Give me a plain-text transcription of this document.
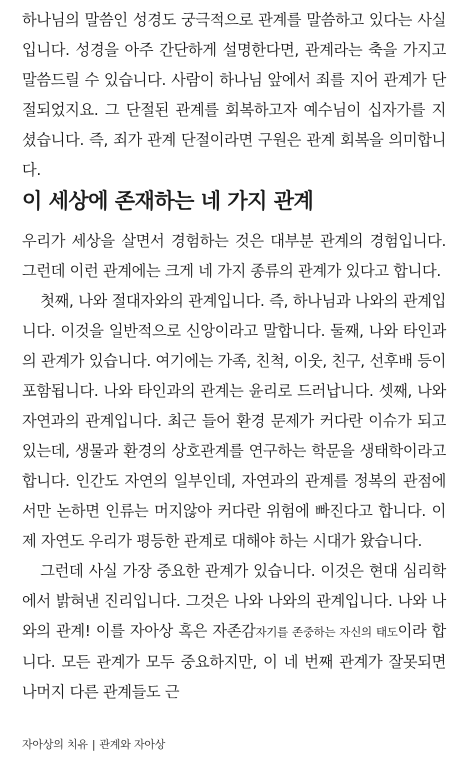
하나님의 말씀인 성경도 궁극적으로 관계를 말씀하고 있다는 사실입니다. 성경을 아주 간단하게 설명한다면, 관계라는 축을 가지고 말씀드릴 수 있습니다. 사람이 하나님 앞에서 죄를 지어 관계가 단절되었지요. 그 단절된 관계를 회복하고자 예수님이 십자가를 지셨습니다. 즉, 죄가 관계 단절이라면 구원은 관계 회복을 의미합니다.

이 세상에 존재하는 네 가지 관계

우리가 세상을 살면서 경험하는 것은 대부분 관계의 경험입니다. 그런데 이런 관계에는 크게 네 가지 종류의 관계가 있다고 합니다.

첫째, 나와 절대자와의 관계입니다. 즉, 하나님과 나와의 관계입니다. 이것을 일반적으로 신앙이라고 말합니다. 둘째, 나와 타인과의 관계가 있습니다. 여기에는 가족, 친척, 이웃, 친구, 선후배 등이 포함됩니다. 나와 타인과의 관계는 윤리로 드러납니다. 셋째, 나와 자연과의 관계입니다. 최근 들어 환경 문제가 커다란 이슈가 되고 있는데, 생물과 환경의 상호관계를 연구하는 학문을 생태학이라고 합니다. 인간도 자연의 일부인데, 자연과의 관계를 정복의 관점에서만 논하면 인류는 머지않아 커다란 위험에 빠진다고 합니다. 이제 자연도 우리가 평등한 관계로 대해야 하는 시대가 왔습니다.

그런데 사실 가장 중요한 관계가 있습니다. 이것은 현대 심리학에서 밝혀낸 진리입니다. 그것은 나와 나와의 관계입니다. 나와 나와의 관계! 이를 자아상 혹은 자존감자기를 존중하는 자신의 태도이라 합니다. 모든 관계가 모두 중요하지만, 이 네 번째 관계가 잘못되면 나머지 다른 관계들도 근

자아상의 치유 | 관계와 자아상
